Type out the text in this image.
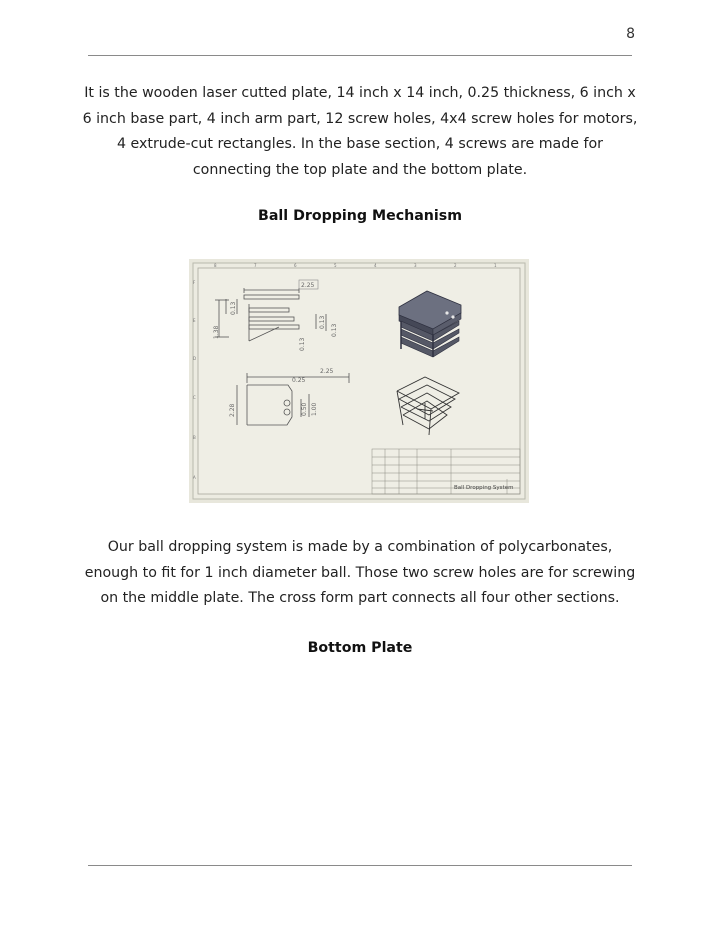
8

It is the wooden laser cutted plate, 14 inch x 14 inch, 0.25 thickness, 6 inch x 6 inch base part, 4 inch arm part, 12 screw holes, 4x4 screw holes for motors, 4 extrude-cut rectangles. In the base section, 4 screws are made for connecting the top plate and the bottom plate.

Ball Dropping Mechanism
8	7	6	5	4	3	2	1
F
E
D
C
B
A
2.25
0.13
1.38
0.13
0.13
0.13
2.25
0.25
2.28	0.50 1.00
Ball Dropping System

Our ball dropping system is made by a combination of polycarbonates, enough to fit for 1 inch diameter ball. Those two screw holes are for screwing on the middle plate. The cross form part connects all four other sections.

Bottom Plate
